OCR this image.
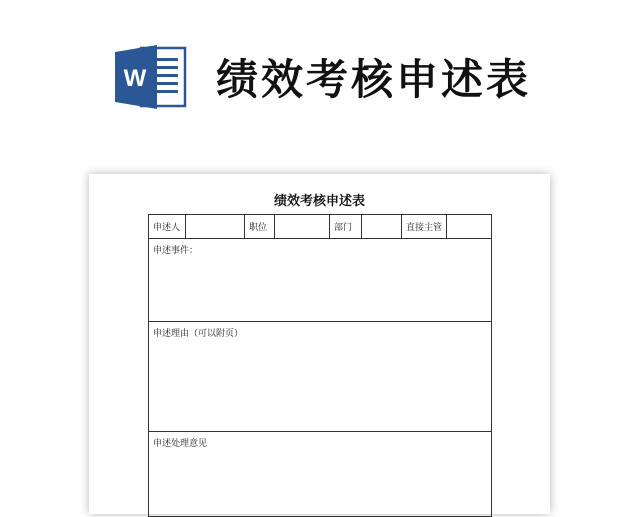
W 绩效考核申述表
绩效考核申述表
申述人		职位		部门		直接主管	
申述事件：
申述理由（可以附页）
申述处理意见
